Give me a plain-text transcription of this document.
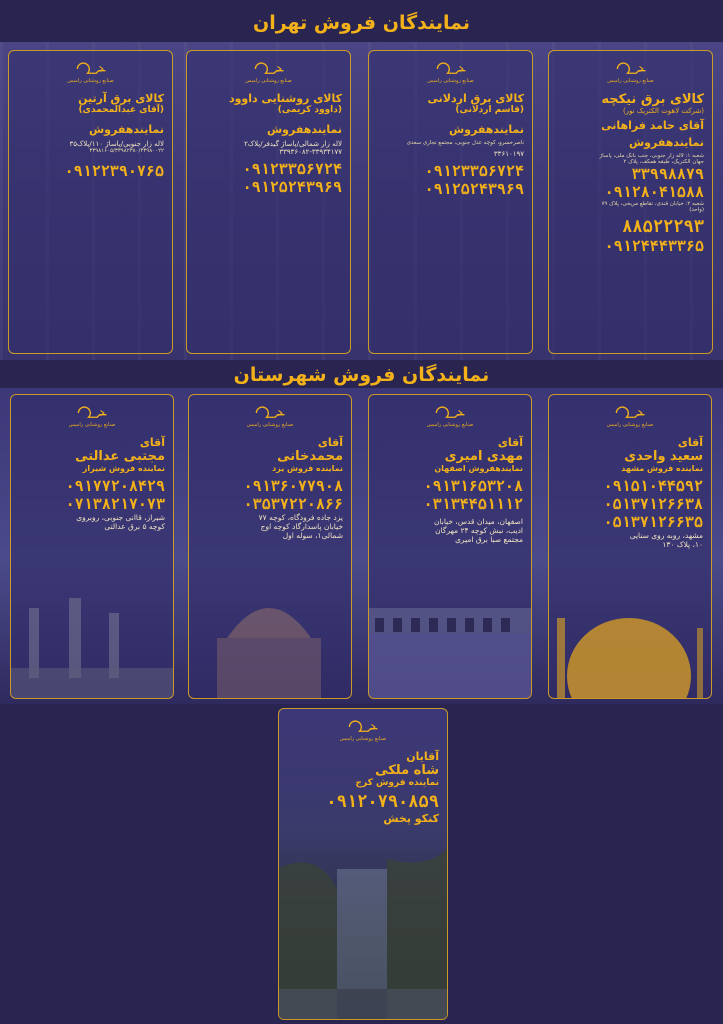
نمایندگان فروش تهران
صنایع روشنایی رامیس
کالای برق نیکچه
(شرکت لاهوت الکتریک نور)
آقای حامد فراهانی
نمایندهفروش
شعبه ۱: لاله زار جنوبی، جنب بانک ملی، پاساژ
جهان الکتریک، طبقه همکف، پلاک ۲
۳۳۹۹۸۸۷۹
۰۹۱۲۸۰۴۱۵۸۸
شعبه ۲: خیابان قندی، تقاطع مریخی، پلاک ۷۹
(واحد)
۸۸۵۲۲۲۹۳
۰۹۱۲۴۴۴۳۳۶۵
صنایع روشنایی رامیس
کالای برق اردلانی
(قاسم اردلانی)
نمایندهفروش
ناصرخسرو، کوچه عدل جنوبی، مجتمع تجاری سعدی
۳۳۶۱۰۱۹۷
۰۹۱۲۳۳۵۶۷۲۴
۰۹۱۲۵۲۴۳۹۶۹
صنایع روشنایی رامیس
کالای روشنایی داوود
(داوود کریمی)
نمایندهفروش
لاله زار شمالی/پاساژ گیدفر/پلاک۲
۳۳۹۳۶۰۸۲-۳۳۹۳۴۱۷۷
۰۹۱۲۳۳۵۶۷۲۴
۰۹۱۲۵۲۴۳۹۶۹
صنایع روشنایی رامیس
کالای برق آرتین
(آقای عبدالمحمدی)
نمایندهفروش
لاله زار جنوبی/پاساژ ۱۱۰/پلاک۳۵
۳۳۹۸۱۶۰۵/۳۳۹۸۲۳۸۰/۳۳۹۸۰۰۲۲
۰۹۱۲۲۳۹۰۷۶۵
نمایندگان فروش شهرستان
صنایع روشنایی رامیس
آقای
سعید واحدی
نماینده فروش مشهد
۰۹۱۵۱۰۴۴۵۹۲
۰۵۱۳۷۱۲۶۶۳۸
۰۵۱۳۷۱۲۶۶۳۵
مشهد، روبه روی سنایی
۱۰، پلاک ۱۳۰
صنایع روشنایی رامیس
آقای
مهدی امیری
نمایندهفروش اصفهان
۰۹۱۳۱۶۵۳۲۰۸
۰۳۱۳۴۴۵۱۱۱۲
اصفهان، میدان قدس، خیابان
ادیب، نبش کوچه ۲۴ مهرگان
مجتمع صبا برق امیری
صنایع روشنایی رامیس
آقای
محمدخانی
نماینده فروش یزد
۰۹۱۳۶۰۷۷۹۰۸
۰۳۵۳۷۲۲۰۸۶۶
یزد جاده فرودگاه، کوچه ۷۷
خیابان پاسدارگاد کوچه اوج
شمالی۱، سوله اول
صنایع روشنایی رامیس
آقای
مجتبی عدالتی
نماینده فروش شیراز
۰۹۱۷۷۲۰۸۴۲۹
۰۷۱۳۸۲۱۷۰۷۳
شیراز، قاانی جنوبی، روبروی
کوچه ۵ برق عدالتی
صنایع روشنایی رامیس
آقایان
شاه ملکی
نماینده فروش کرج
۰۹۱۲۰۷۹۰۸۵۹
کنکو پخش
